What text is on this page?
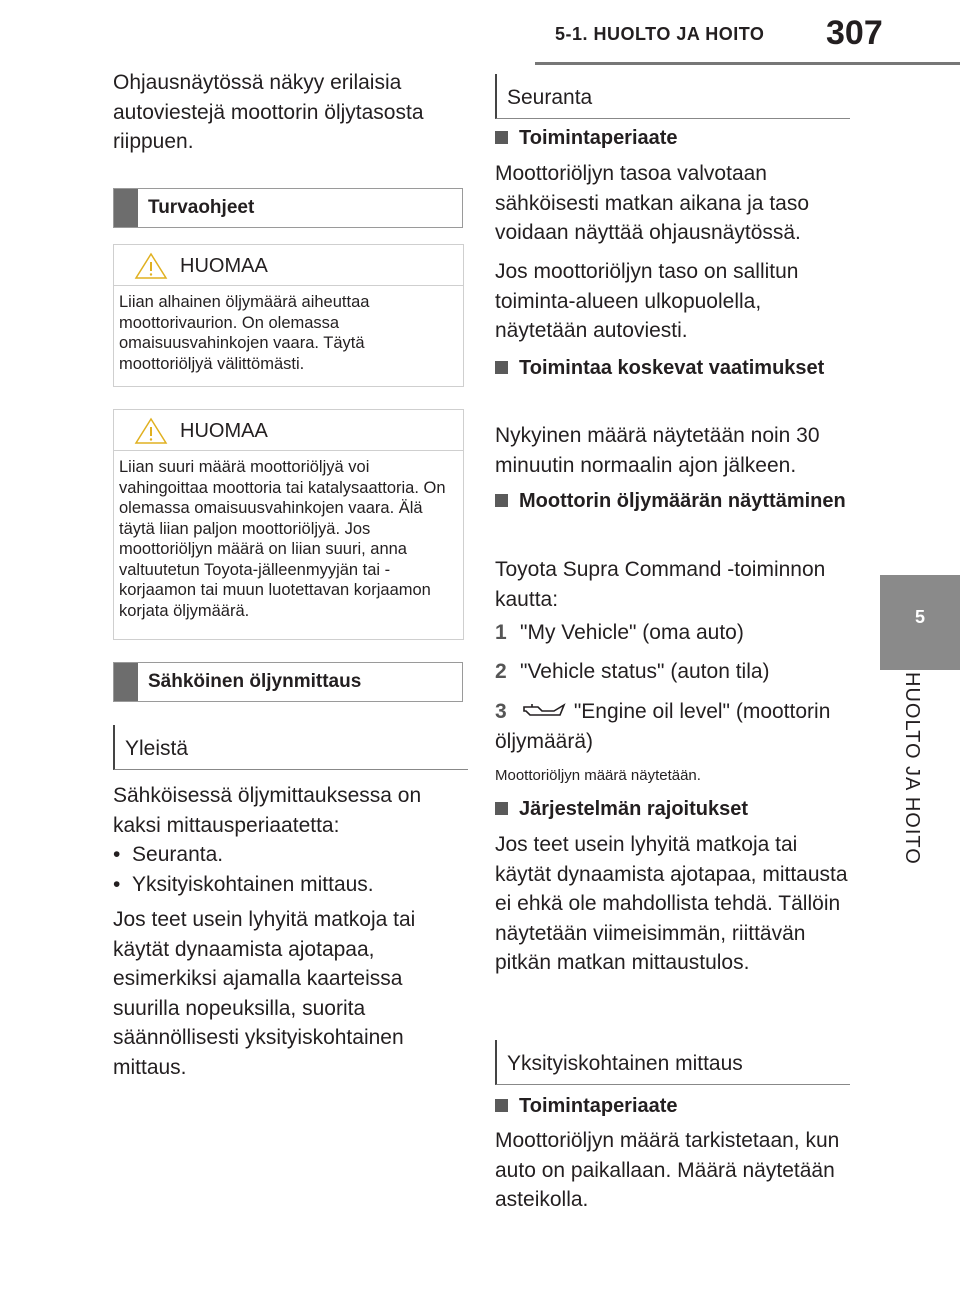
5-1. HUOLTO JA HOITO 307
5
HUOLTO JA HOITO
Ohjausnäytössä näkyy erilaisia autoviestejä moottorin öljytasosta riippuen.
Turvaohjeet
HUOMAA
Liian alhainen öljymäärä aiheuttaa moottorivaurion. On olemassa omaisuusvahinkojen vaara. Täytä moottoriöljyä välittömästi.
HUOMAA
Liian suuri määrä moottoriöljyä voi vahingoittaa moottoria tai katalysaattoria. On olemassa omaisuusvahinkojen vaara. Älä täytä liian paljon moottoriöljyä. Jos moottoriöljyn määrä on liian suuri, anna valtuutetun Toyota-jälleenmyyjän tai -korjaamon tai muun luotettavan korjaamon korjata öljymäärä.
Sähköinen öljynmittaus
Yleistä
Sähköisessä öljymittauksessa on kaksi mittausperiaatetta:
•  Seuranta.
•  Yksityiskohtainen mittaus.
Jos teet usein lyhyitä matkoja tai käytät dynaamista ajotapaa, esimerkiksi ajamalla kaarteissa suurilla nopeuksilla, suorita säännöllisesti yksityiskohtainen mittaus.
Seuranta
Toimintaperiaate
Moottoriöljyn tasoa valvotaan sähköisesti matkan aikana ja taso voidaan näyttää ohjausnäytössä.
Jos moottoriöljyn taso on sallitun toiminta-alueen ulkopuolella, näytetään autoviesti.
Toimintaa koskevat vaatimukset
Nykyinen määrä näytetään noin 30 minuutin normaalin ajon jälkeen.
Moottorin öljymäärän näyttäminen
Toyota Supra Command -toiminnon kautta:
1 "My Vehicle" (oma auto)
2 "Vehicle status" (auton tila)
3	"Engine oil level" (moottorin öljymäärä)
Moottoriöljyn määrä näytetään.
Järjestelmän rajoitukset
Jos teet usein lyhyitä matkoja tai käytät dynaamista ajotapaa, mittausta ei ehkä ole mahdollista tehdä. Tällöin näytetään viimeisimmän, riittävän pitkän matkan mittaustulos.
Yksityiskohtainen mittaus
Toimintaperiaate
Moottoriöljyn määrä tarkistetaan, kun auto on paikallaan. Määrä näytetään asteikolla.
